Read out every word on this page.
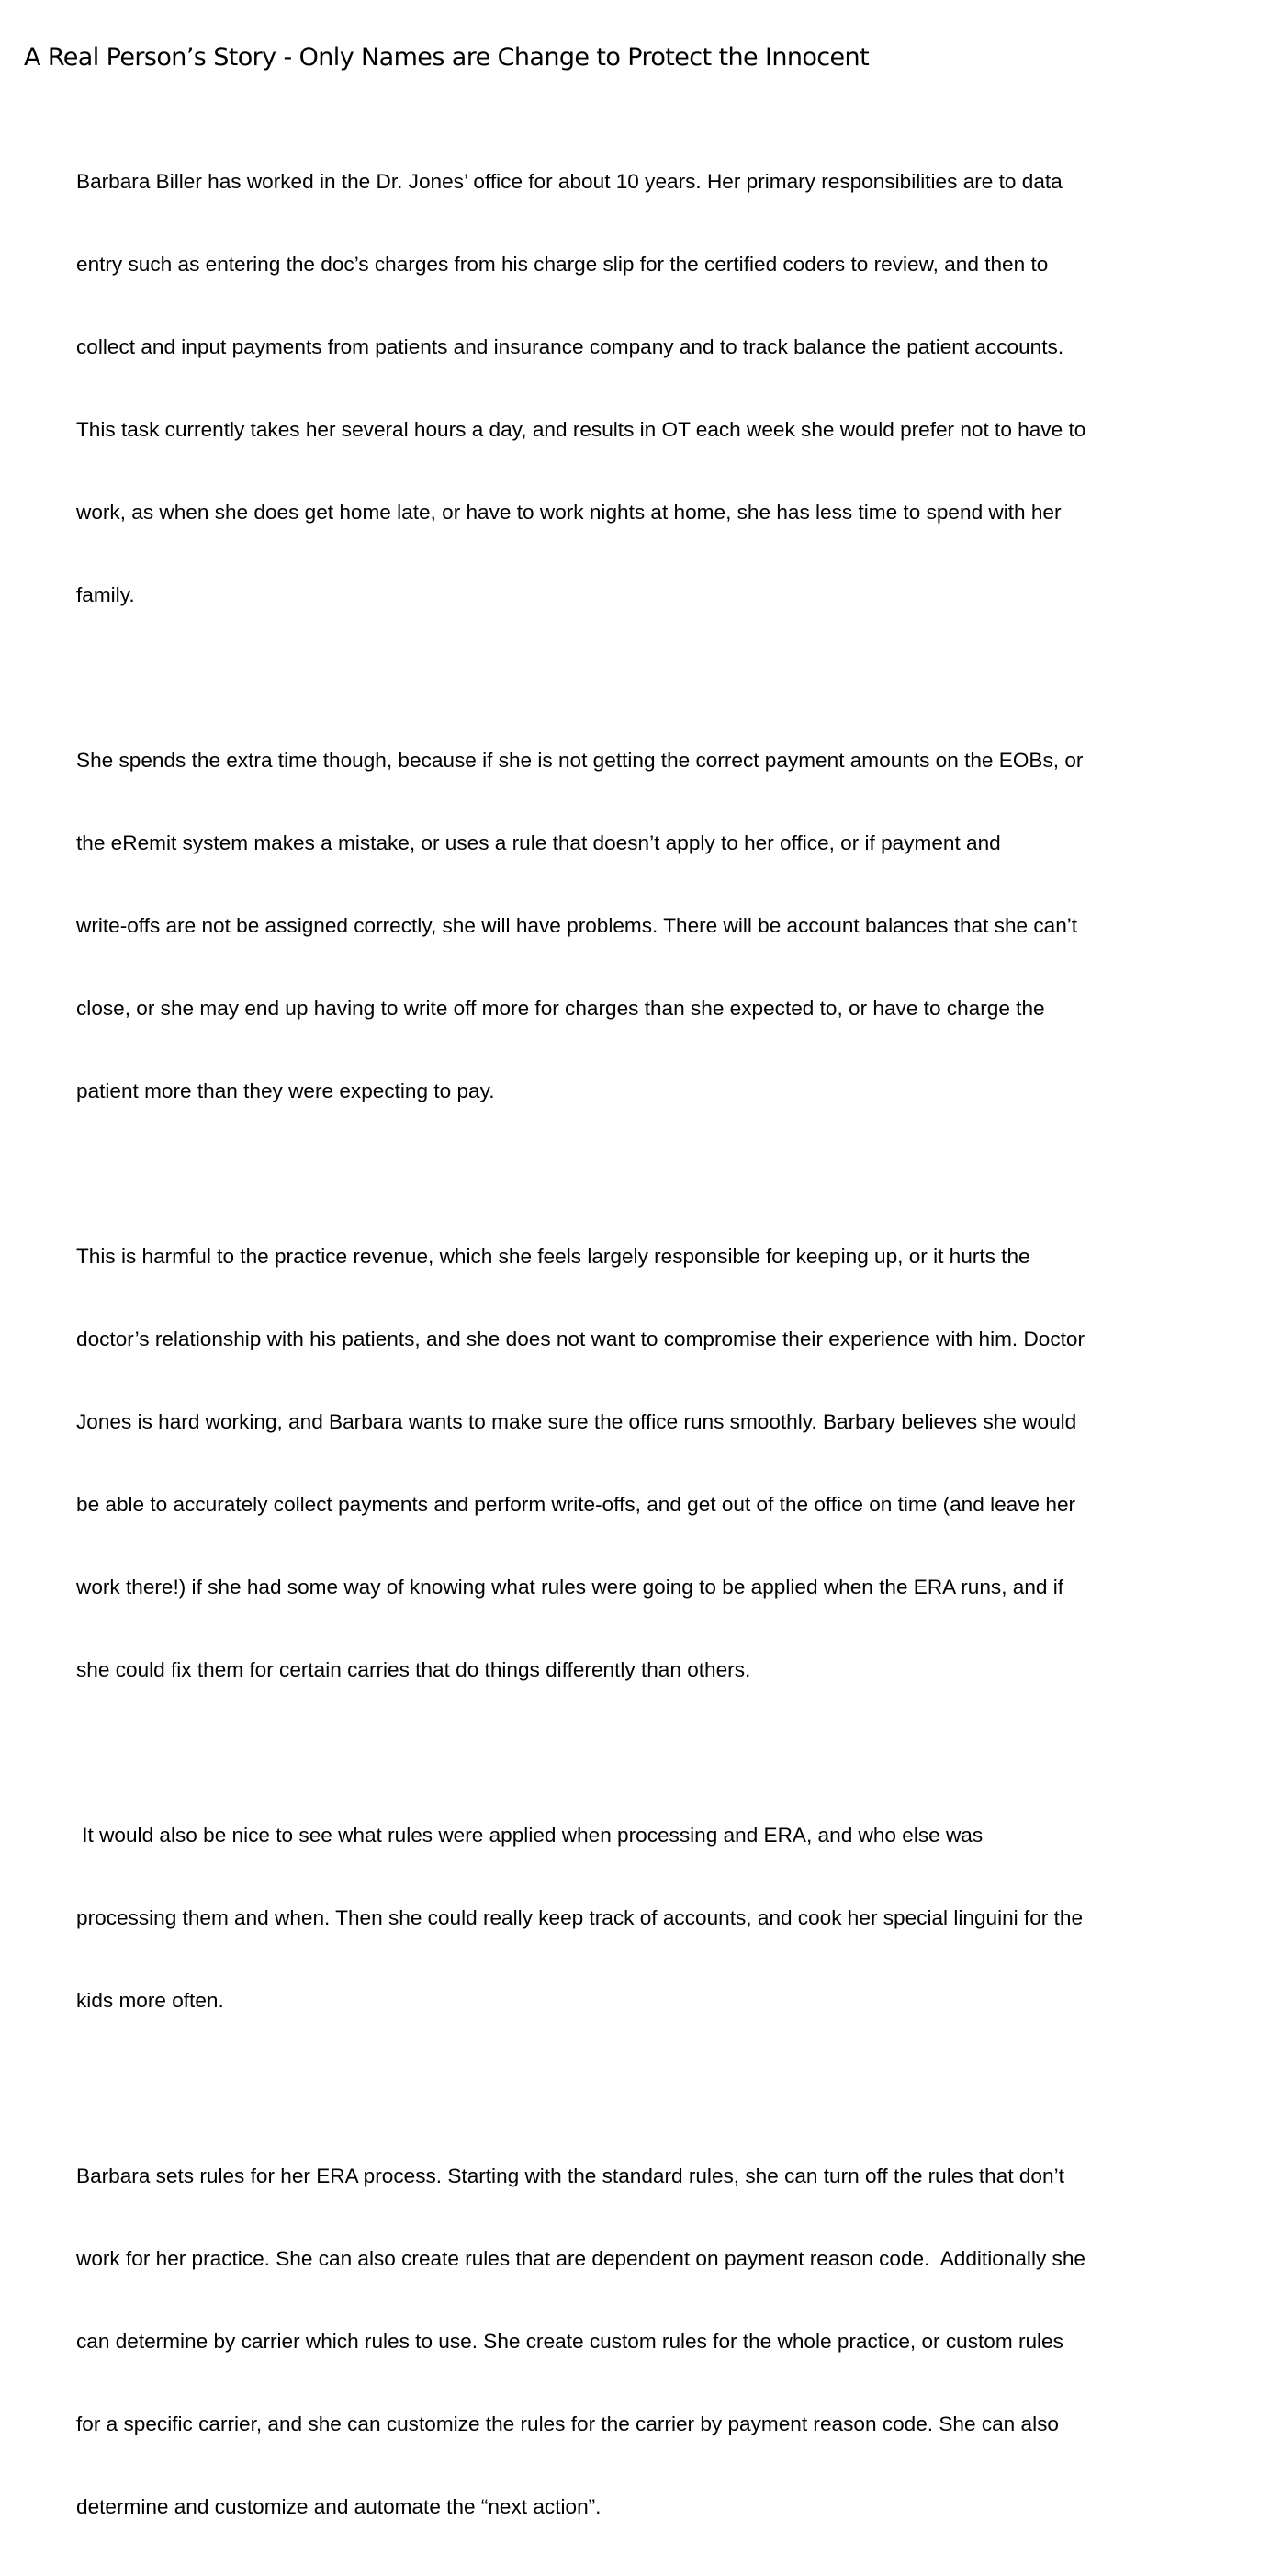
A Real Person’s Story - Only Names are Change to Protect the Innocent

Barbara Biller has worked in the Dr. Jones’ office for about 10 years. Her primary responsibilities are to data

entry such as entering the doc’s charges from his charge slip for the certified coders to review, and then to

collect and input payments from patients and insurance company and to track balance the patient accounts.

This task currently takes her several hours a day, and results in OT each week she would prefer not to have to

work, as when she does get home late, or have to work nights at home, she has less time to spend with her

family.

She spends the extra time though, because if she is not getting the correct payment amounts on the EOBs, or

the eRemit system makes a mistake, or uses a rule that doesn’t apply to her office, or if payment and

write-offs are not be assigned correctly, she will have problems. There will be account balances that she can’t

close, or she may end up having to write off more for charges than she expected to, or have to charge the

patient more than they were expecting to pay.

This is harmful to the practice revenue, which she feels largely responsible for keeping up, or it hurts the

doctor’s relationship with his patients, and she does not want to compromise their experience with him. Doctor

Jones is hard working, and Barbara wants to make sure the office runs smoothly. Barbary believes she would

be able to accurately collect payments and perform write-offs, and get out of the office on time (and leave her

work there!) if she had some way of knowing what rules were going to be applied when the ERA runs, and if

she could fix them for certain carries that do things differently than others.

It would also be nice to see what rules were applied when processing and ERA, and who else was

processing them and when. Then she could really keep track of accounts, and cook her special linguini for the

kids more often.

Barbara sets rules for her ERA process. Starting with the standard rules, she can turn off the rules that don’t

work for her practice. She can also create rules that are dependent on payment reason code.  Additionally she

can determine by carrier which rules to use. She create custom rules for the whole practice, or custom rules

for a specific carrier, and she can customize the rules for the carrier by payment reason code. She can also

determine and customize and automate the “next action”.
